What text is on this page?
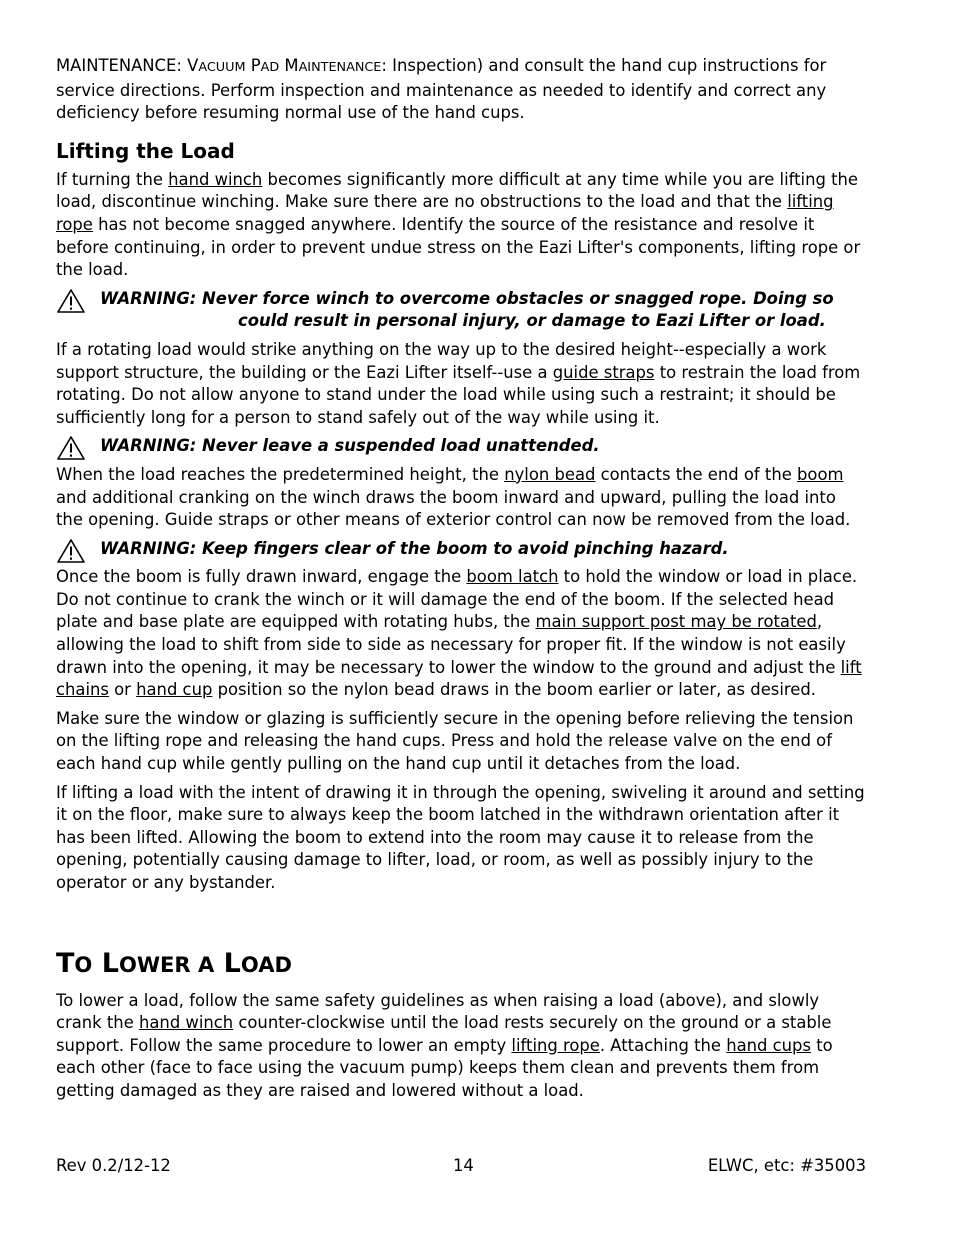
MAINTENANCE: VACUUM PAD MAINTENANCE: Inspection) and consult the hand cup instructions for service directions. Perform inspection and maintenance as needed to identify and correct any deficiency before resuming normal use of the hand cups.

Lifting the Load

If turning the hand winch becomes significantly more difficult at any time while you are lifting the load, discontinue winching. Make sure there are no obstructions to the load and that the lifting rope has not become snagged anywhere. Identify the source of the resistance and resolve it before continuing, in order to prevent undue stress on the Eazi Lifter's components, lifting rope or the load.

WARNING: Never force winch to overcome obstacles or snagged rope. Doing so
could result in personal injury, or damage to Eazi Lifter or load.

If a rotating load would strike anything on the way up to the desired height--especially a work support structure, the building or the Eazi Lifter itself--use a guide straps to restrain the load from rotating. Do not allow anyone to stand under the load while using such a restraint; it should be sufficiently long for a person to stand safely out of the way while using it.

WARNING: Never leave a suspended load unattended.

When the load reaches the predetermined height, the nylon bead contacts the end of the boom and additional cranking on the winch draws the boom inward and upward, pulling the load into the opening. Guide straps or other means of exterior control can now be removed from the load.

WARNING: Keep fingers clear of the boom to avoid pinching hazard.

Once the boom is fully drawn inward, engage the boom latch to hold the window or load in place. Do not continue to crank the winch or it will damage the end of the boom. If the selected head plate and base plate are equipped with rotating hubs, the main support post may be rotated, allowing the load to shift from side to side as necessary for proper fit. If the window is not easily drawn into the opening, it may be necessary to lower the window to the ground and adjust the lift chains or hand cup position so the nylon bead draws in the boom earlier or later, as desired.

Make sure the window or glazing is sufficiently secure in the opening before relieving the tension on the lifting rope and releasing the hand cups. Press and hold the release valve on the end of each hand cup while gently pulling on the hand cup until it detaches from the load.

If lifting a load with the intent of drawing it in through the opening, swiveling it around and setting it on the floor, make sure to always keep the boom latched in the withdrawn orientation after it has been lifted. Allowing the boom to extend into the room may cause it to release from the opening, potentially causing damage to lifter, load, or room, as well as possibly injury to the operator or any bystander.

TO LOWER A LOAD

To lower a load, follow the same safety guidelines as when raising a load (above), and slowly crank the hand winch counter-clockwise until the load rests securely on the ground or a stable support. Follow the same procedure to lower an empty lifting rope. Attaching the hand cups to each other (face to face using the vacuum pump) keeps them clean and prevents them from getting damaged as they are raised and lowered without a load.

Rev 0.2/12-12	14	ELWC, etc: #35003
